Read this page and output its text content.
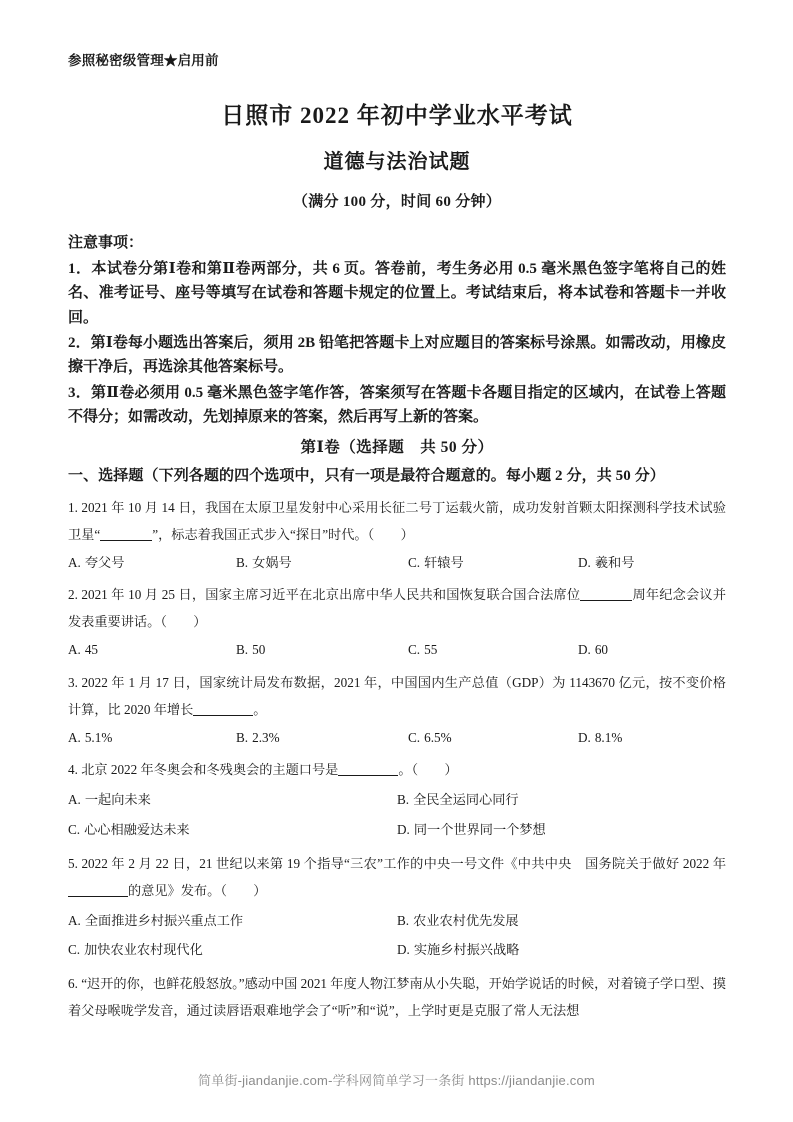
参照秘密级管理★启用前
日照市 2022 年初中学业水平考试
道德与法治试题
（满分 100 分，时间 60 分钟）
注意事项：
1．本试卷分第Ⅰ卷和第Ⅱ卷两部分，共 6 页。答卷前，考生务必用 0.5 毫米黑色签字笔将自己的姓名、准考证号、座号等填写在试卷和答题卡规定的位置上。考试结束后，将本试卷和答题卡一并收回。
2．第Ⅰ卷每小题选出答案后，须用 2B 铅笔把答题卡上对应题目的答案标号涂黑。如需改动，用橡皮擦干净后，再选涂其他答案标号。
3．第Ⅱ卷必须用 0.5 毫米黑色签字笔作答，答案须写在答题卡各题目指定的区域内，在试卷上答题不得分；如需改动，先划掉原来的答案，然后再写上新的答案。
第Ⅰ卷（选择题　共 50 分）
一、选择题（下列各题的四个选项中，只有一项是最符合题意的。每小题 2 分，共 50 分）

1. 2021 年 10 月 14 日，我国在太原卫星发射中心采用长征二号丁运载火箭，成功发射首颗太阳探测科学技术试验卫星“	”，标志着我国正式步入“探日”时代。（　　）

A. 夸父号	B. 女娲号	C. 轩辕号	D. 羲和号

2. 2021 年 10 月 25 日，国家主席习近平在北京出席中华人民共和国恢复联合国合法席位	周年纪念会议并发表重要讲话。（　　）

A. 45	B. 50	C. 55	D. 60

3. 2022 年 1 月 17 日，国家统计局发布数据，2021 年，中国国内生产总值（GDP）为 1143670 亿元，按不变价格计算，比 2020 年增长	。

A. 5.1%	B. 2.3%	C. 6.5%	D. 8.1%

4. 北京 2022 年冬奥会和冬残奥会的主题口号是	。（　　）

A. 一起向未来	B. 全民全运同心同行
C. 心心相融爱达未来	D. 同一个世界同一个梦想

5. 2022 年 2 月 22 日，21 世纪以来第 19 个指导“三农”工作的中央一号文件《中共中央　国务院关于做好 2022 年的意见》发布。（　　）

A. 全面推进乡村振兴重点工作	B. 农业农村优先发展
C. 加快农业农村现代化	D. 实施乡村振兴战略

6. “迟开的你，也鲜花般怒放。”感动中国 2021 年度人物江梦南从小失聪，开始学说话的时候，对着镜子学口型、摸着父母喉咙学发音，通过读唇语艰难地学会了“听”和“说”，上学时更是克服了常人无法想

简单街-jiandanjie.com-学科网简单学习一条街 https://jiandanjie.com
